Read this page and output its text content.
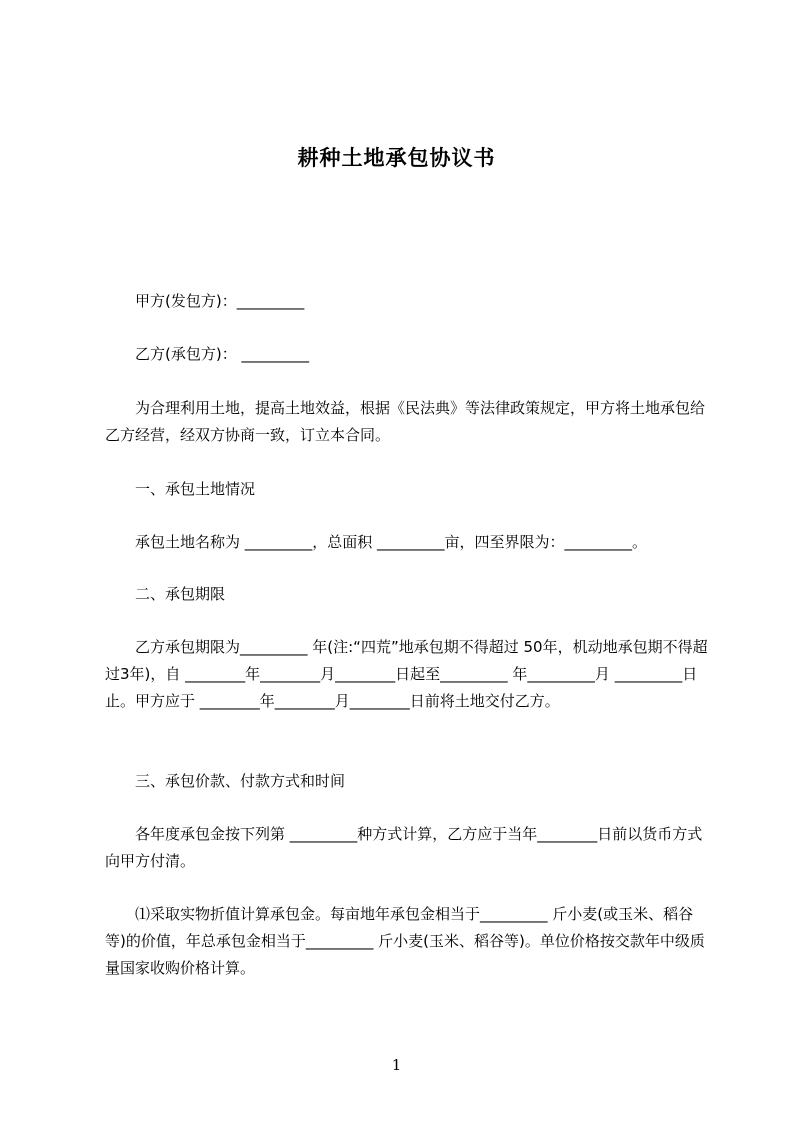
耕种土地承包协议书
甲方(发包方)：_________
乙方(承包方)： _________
为合理利用土地，提高土地效益，根据《民法典》等法律政策规定，甲方将土地承包给乙方经营，经双方协商一致，订立本合同。
一、承包土地情况
承包土地名称为 _________，总面积 _________亩，四至界限为：_________。
二、承包期限
乙方承包期限为_________ 年(注:“四荒”地承包期不得超过 50年，机动地承包期不得超过3年)，自 ________年________月________日起至_________ 年_________月 _________日止。甲方应于 ________年________月________日前将土地交付乙方。
三、承包价款、付款方式和时间
各年度承包金按下列第 _________种方式计算，乙方应于当年________日前以货币方式向甲方付清。
⑴采取实物折值计算承包金。每亩地年承包金相当于_________ 斤小麦(或玉米、稻谷等)的价值，年总承包金相当于_________ 斤小麦(玉米、稻谷等)。单位价格按交款年中级质量国家收购价格计算。
1
